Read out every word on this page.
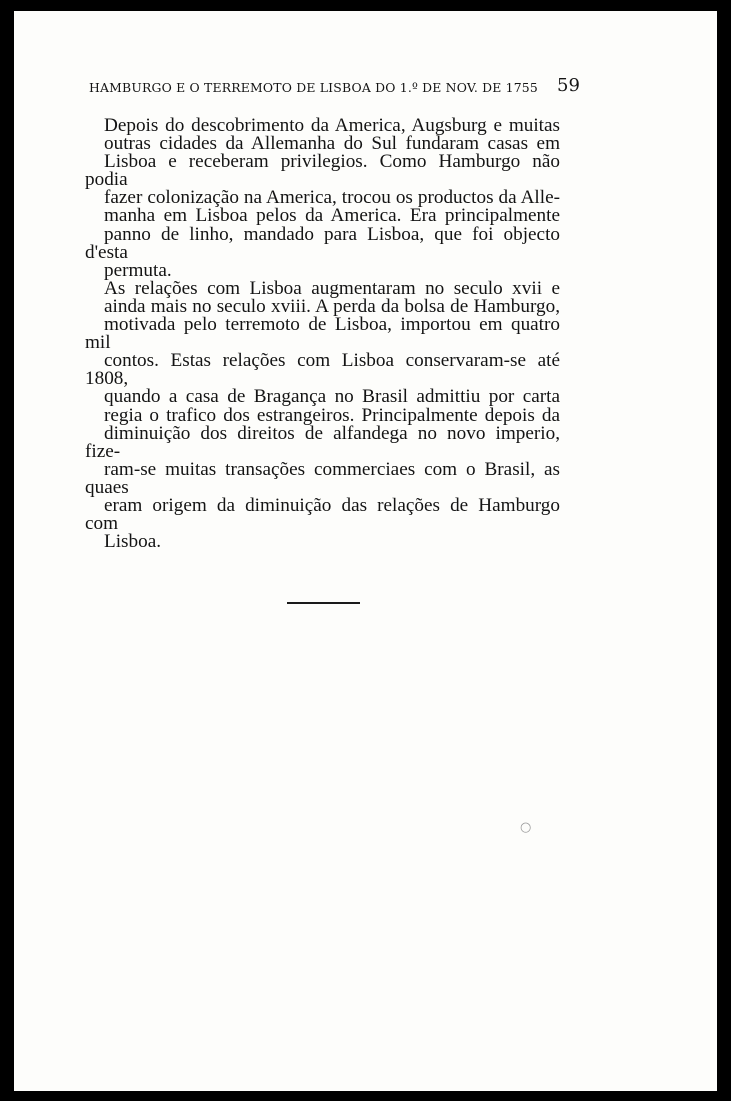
HAMBURGO E O TERREMOTO DE LISBOA DO 1.º DE NOV. DE 1755 59

Depois do descobrimento da America, Augsburg e muitas
outras cidades da Allemanha do Sul fundaram casas em
Lisboa e receberam privilegios. Como Hamburgo não podia
fazer colonização na America, trocou os productos da Alle-
manha em Lisboa pelos da America. Era principalmente
panno de linho, mandado para Lisboa, que foi objecto d'esta
permuta.

As relações com Lisboa augmentaram no seculo xvii e
ainda mais no seculo xviii. A perda da bolsa de Hamburgo,
motivada pelo terremoto de Lisboa, importou em quatro mil
contos. Estas relações com Lisboa conservaram-se até 1808,
quando a casa de Bragança no Brasil admittiu por carta
regia o trafico dos estrangeiros. Principalmente depois da
diminuição dos direitos de alfandega no novo imperio, fize-
ram-se muitas transações commerciaes com o Brasil, as quaes
eram origem da diminuição das relações de Hamburgo com
Lisboa.

○
